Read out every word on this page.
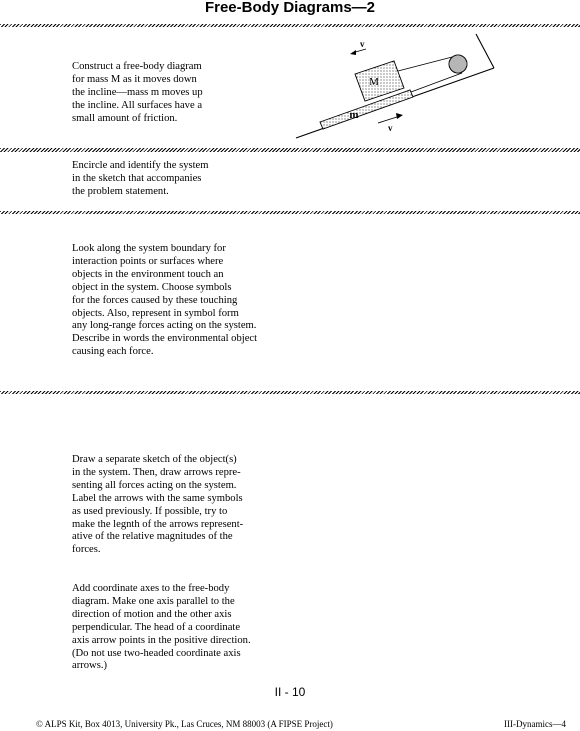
Free-Body Diagrams—2
Construct a free-body diagram
for mass M as it moves down
the incline—mass m moves up
the incline. All surfaces have a
small amount of friction.
M
m
v
v
Encircle and identify the system
in the sketch that accompanies
the problem statement.
Look along the system boundary for
interaction points or surfaces where
objects in the environment touch an
object in the system. Choose symbols
for the forces caused by these touching
objects. Also, represent in symbol form
any long-range forces acting on the system.
Describe in words the environmental object
causing each force.
Draw a separate sketch of the object(s)
in the system. Then, draw arrows repre-
senting all forces acting on the system.
Label the arrows with the same symbols
as used previously. If possible, try to
make the legnth of the arrows represent-
ative of the relative magnitudes of the
forces.
Add coordinate axes to the free-body
diagram. Make one axis parallel to the
direction of motion and the other axis
perpendicular. The head of a coordinate
axis arrow points in the positive direction.
(Do not use two-headed coordinate axis
arrows.)
II - 10
© ALPS Kit, Box 4013, University Pk., Las Cruces, NM 88003 (A FIPSE Project)	III-Dynamics—4
